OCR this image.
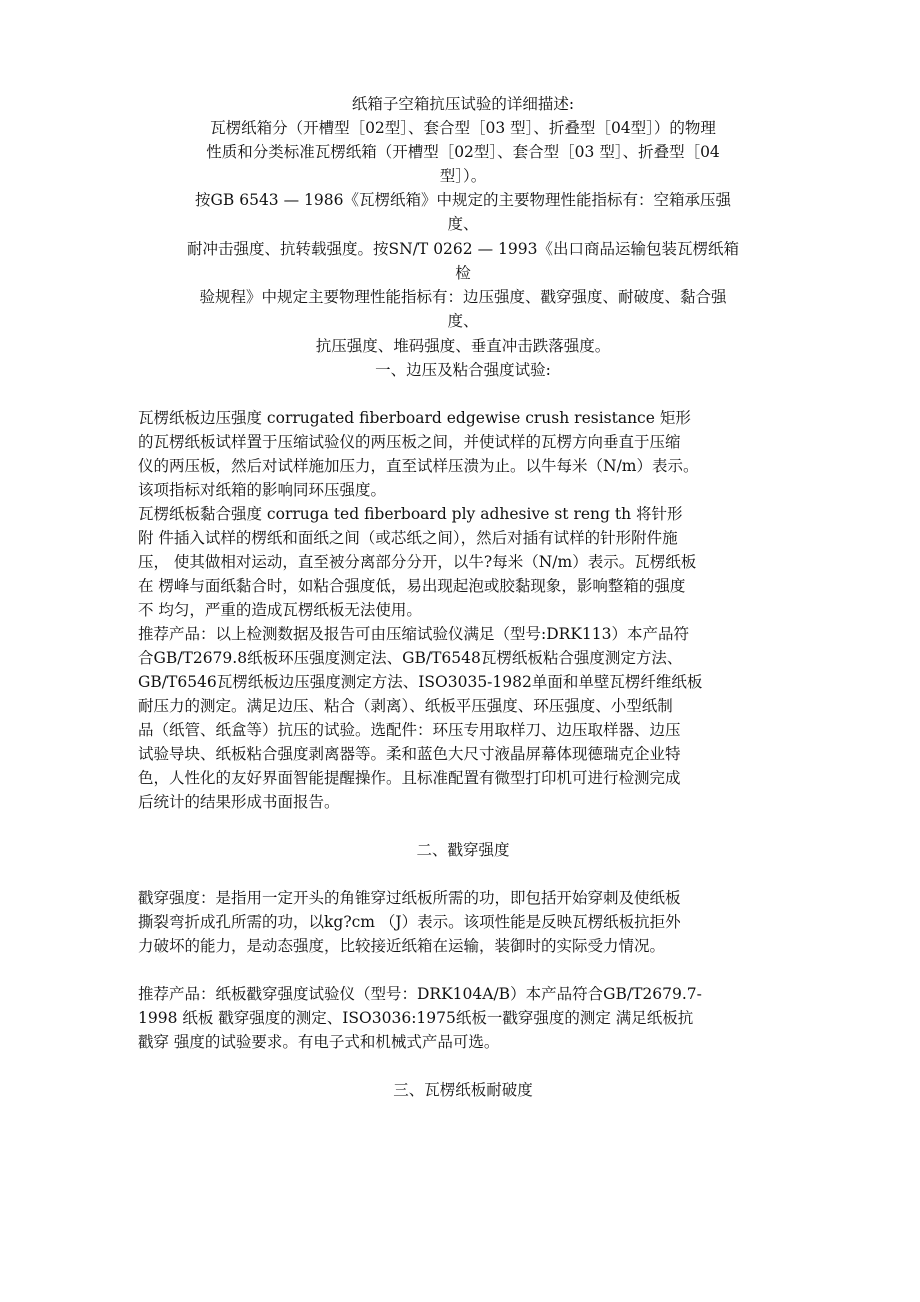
纸箱子空箱抗压试验的详细描述:
瓦楞纸箱分（开槽型［02型］、套合型［03 型］、折叠型［04型］）的物理
性质和分类标准瓦楞纸箱（开槽型［02型］、套合型［03 型］、折叠型［04
型］）。
按GB 6543 — 1986《瓦楞纸箱》中规定的主要物理性能指标有：空箱承压强
度、
耐冲击强度、抗转载强度。按SN/T 0262 — 1993《出口商品运输包装瓦楞纸箱
检
验规程》中规定主要物理性能指标有：边压强度、戳穿强度、耐破度、黏合强
度、
抗压强度、堆码强度、垂直冲击跌落强度。
一、边压及粘合强度试验:
瓦楞纸板边压强度 corrugated fiberboard edgewise crush resistance 矩形
的瓦楞纸板试样置于压缩试验仪的两压板之间，并使试样的瓦楞方向垂直于压缩
仪的两压板，然后对试样施加压力，直至试样压溃为止。以牛每米（N/m）表示。
该项指标对纸箱的影响同环压强度。
瓦楞纸板黏合强度 corruga ted fiberboard ply adhesive st reng th 将针形
附 件插入试样的楞纸和面纸之间（或芯纸之间），然后对插有试样的针形附件施
压， 使其做相对运动，直至被分离部分分开，以牛?每米（N/m）表示。瓦楞纸板
在 楞峰与面纸黏合时，如粘合强度低，易出现起泡或胶黏现象，影响整箱的强度
不 均匀，严重的造成瓦楞纸板无法使用。
推荐产品：以上检测数据及报告可由压缩试验仪满足（型号:DRK113）本产品符
合GB/T2679.8纸板环压强度测定法、GB/T6548瓦楞纸板粘合强度测定方法、
GB/T6546瓦楞纸板边压强度测定方法、ISO3035-1982单面和单壁瓦楞纤维纸板
耐压力的测定。满足边压、粘合（剥离）、纸板平压强度、环压强度、小型纸制
品（纸管、纸盒等）抗压的试验。选配件：环压专用取样刀、边压取样器、边压
试验导块、纸板粘合强度剥离器等。柔和蓝色大尺寸液晶屏幕体现德瑞克企业特
色，人性化的友好界面智能提醒操作。且标准配置有微型打印机可进行检测完成
后统计的结果形成书面报告。
二、戳穿强度
戳穿强度：是指用一定开头的角锥穿过纸板所需的功，即包括开始穿刺及使纸板
撕裂弯折成孔所需的功，以kg?cm （J）表示。该项性能是反映瓦楞纸板抗拒外
力破坏的能力，是动态强度，比较接近纸箱在运输，装御时的实际受力情况。
推荐产品：纸板戳穿强度试验仪（型号：DRK104A/B）本产品符合GB/T2679.7-
1998 纸板 戳穿强度的测定、ISO3036:1975纸板一戳穿强度的测定 满足纸板抗
戳穿 强度的试验要求。有电子式和机械式产品可选。
三、瓦楞纸板耐破度
